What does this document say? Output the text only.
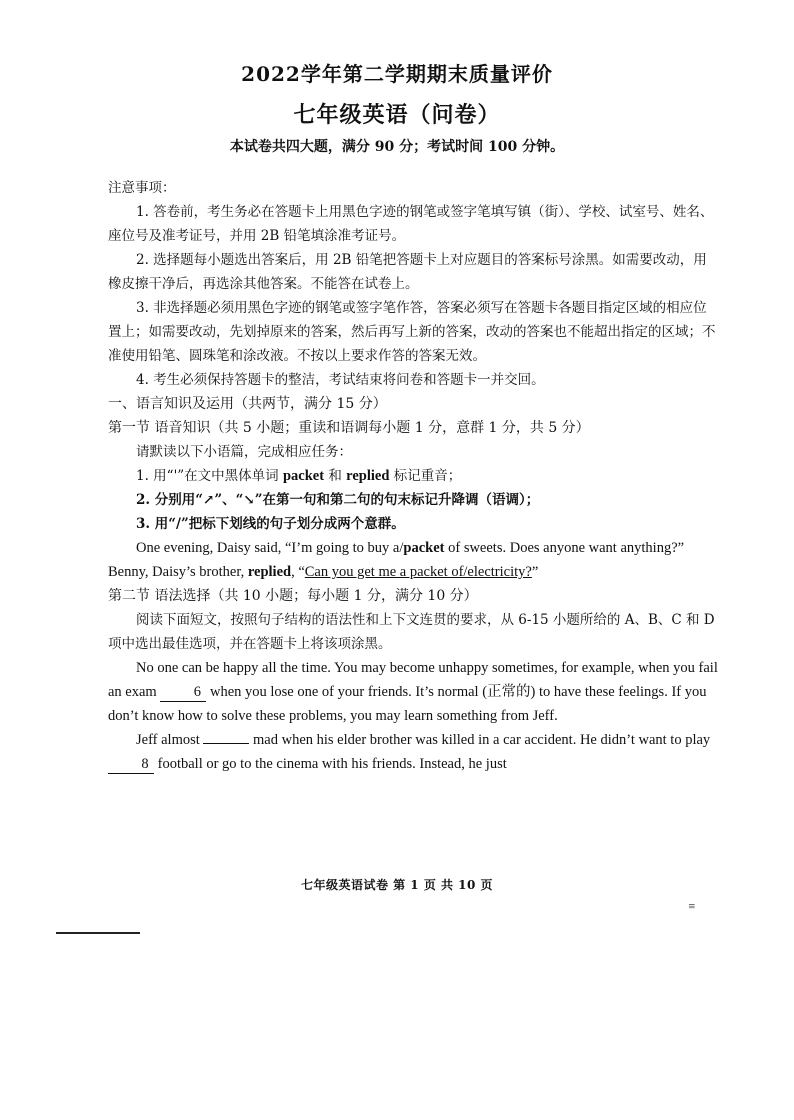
2022学年第二学期期末质量评价
七年级英语（问卷）
本试卷共四大题，满分 90 分；考试时间 100 分钟。

注意事项：

1. 答卷前，考生务必在答题卡上用黑色字迹的钢笔或签字笔填写镇（街）、学校、试室号、姓名、座位号及准考证号，并用 2B 铅笔填涂准考证号。

2. 选择题每小题选出答案后，用 2B 铅笔把答题卡上对应题目的答案标号涂黑。如需要改动，用橡皮擦干净后，再选涂其他答案。不能答在试卷上。

3. 非选择题必须用黑色字迹的钢笔或签字笔作答，答案必须写在答题卡各题目指定区域的相应位置上；如需要改动，先划掉原来的答案，然后再写上新的答案，改动的答案也不能超出指定的区域；不准使用铅笔、圆珠笔和涂改液。不按以上要求作答的答案无效。

4. 考生必须保持答题卡的整洁，考试结束将问卷和答题卡一并交回。

一、语言知识及运用（共两节，满分 15 分）

第一节 语音知识（共 5 小题；重读和语调每小题 1 分，意群 1 分，共 5 分）

请默读以下小语篇，完成相应任务：

1. 用“'”在文中黑体单词 packet 和 replied 标记重音；

2. 分别用“↗”、“↘”在第一句和第二句的句末标记升降调（语调）；

3. 用“/”把标下划线的句子划分成两个意群。

One evening, Daisy said, “I’m going to buy a/packet of sweets. Does anyone want anything?” Benny, Daisy’s brother, replied, “Can you get me a packet of/electricity?”

第二节 语法选择（共 10 小题；每小题 1 分，满分 10 分）

阅读下面短文，按照句子结构的语法性和上下文连贯的要求，从 6-15 小题所给的 A、B、C 和 D 项中选出最佳选项，并在答题卡上将该项涂黑。

No one can be happy all the time. You may become unhappy sometimes, for example, when you fail an exam 6 when you lose one of your friends. It’s normal (正常的) to have these feelings. If you don’t know how to solve these problems, you may learn something from Jeff.

Jeff almost	mad when his elder brother was killed in a car accident. He didn’t want to play 8 football or go to the cinema with his friends. Instead, he just

七年级英语试卷 第 1 页 共 10 页
≡
